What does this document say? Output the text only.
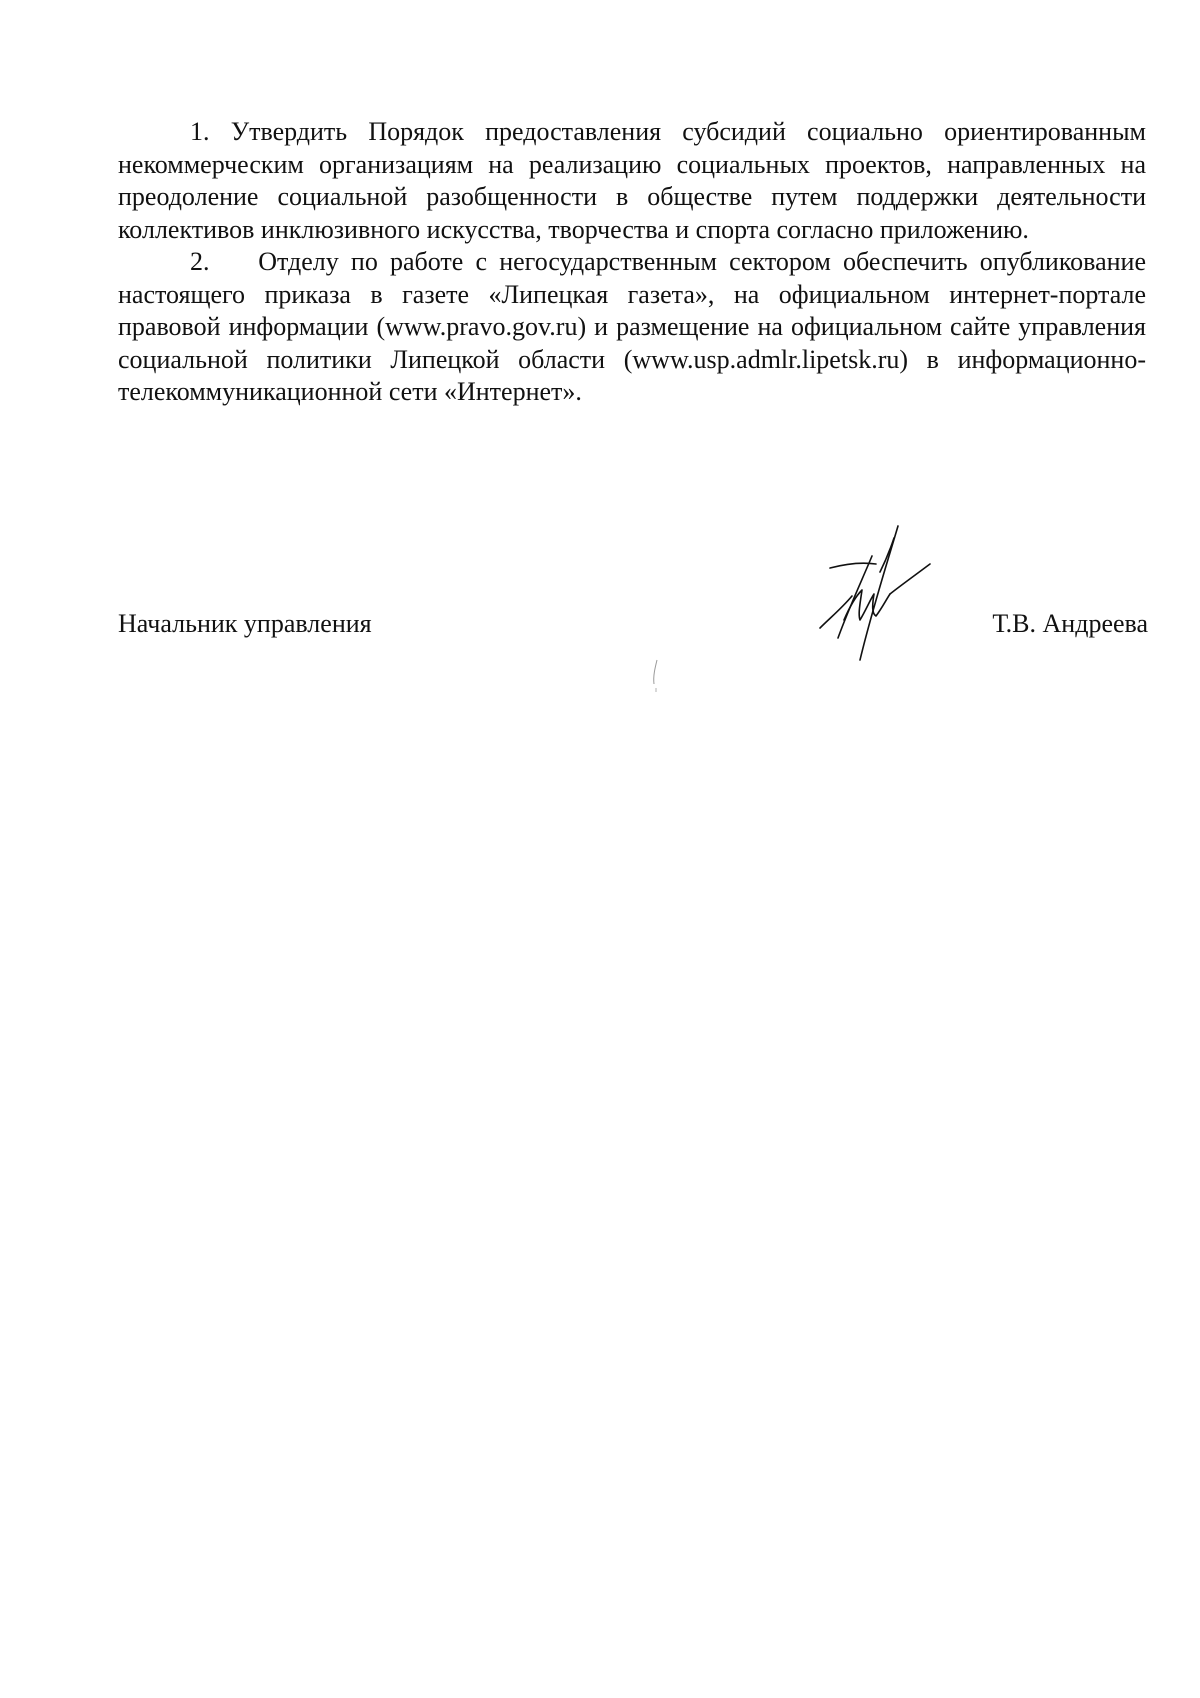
1. Утвердить Порядок предоставления субсидий социально ориентированным некоммерческим организациям на реализацию социальных проектов, направленных на преодоление социальной разобщенности в обществе путем поддержки деятельности коллективов инклюзивного искусства, творчества и спорта согласно приложению.

2. Отделу по работе с негосударственным сектором обеспечить опубликование настоящего приказа в газете «Липецкая газета», на официальном интернет-портале правовой информации (www.pravo.gov.ru) и размещение на официальном сайте управления социальной политики Липецкой области (www.usp.admlr.lipetsk.ru) в информационно-телекоммуникационной сети «Интернет».

Начальник управления	Т.В. Андреева
